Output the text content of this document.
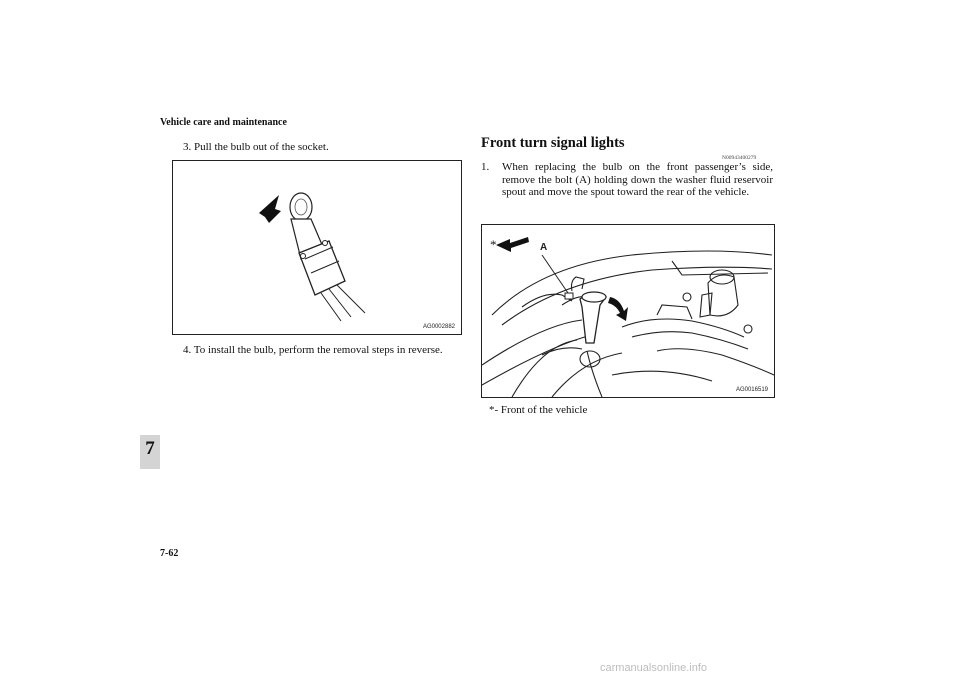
Vehicle care and maintenance
7
3. Pull the bulb out of the socket.
AG0002882
4. To install the bulb, perform the removal steps in reverse.
Front turn signal lights
N00943400279
1.	When replacing the bulb on the front passenger’s side, remove the bolt (A) holding down the washer fluid reservoir spout and move the spout toward the rear of the vehicle.
*	A
AG0016519
*- Front of the vehicle
7-62
carmanualsonline.info
